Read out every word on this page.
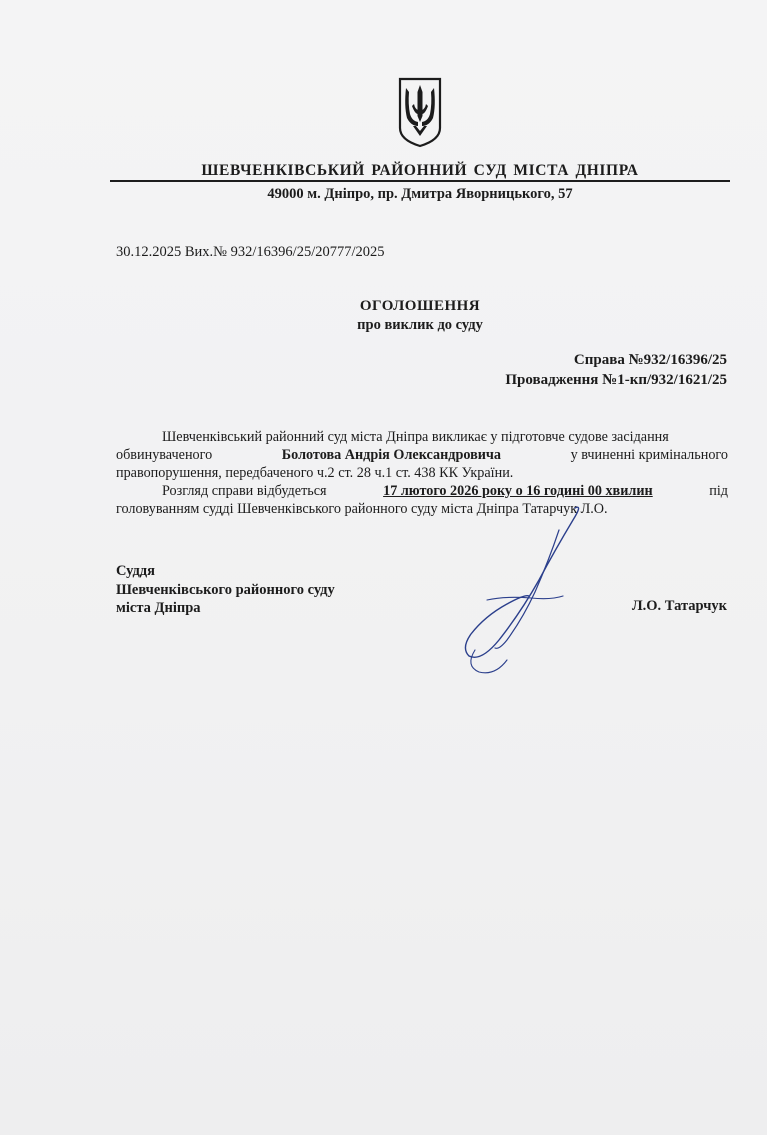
ШЕВЧЕНКІВСЬКИЙ РАЙОННИЙ СУД МІСТА ДНІПРА
49000 м. Дніпро, пр. Дмитра Яворницького, 57
30.12.2025 Вих.№ 932/16396/25/20777/2025
ОГОЛОШЕННЯ
про виклик до суду
Справа №932/16396/25
Провадження №1-кп/932/1621/25
Шевченківський районний суд міста Дніпра викликає у підготовче судове засідання
обвинуваченого	Болотова Андрія Олександровича	у вчиненні кримінального
правопорушення, передбаченого ч.2 ст. 28 ч.1 ст. 438 КК України.
Розгляд справи відбудеться	17 лютого 2026 року о 16 годині 00 хвилин	під
головуванням судді Шевченківського районного суду міста Дніпра Татарчук Л.О.
Суддя
Шевченківського районного суду
міста Дніпра	Л.О. Татарчук
